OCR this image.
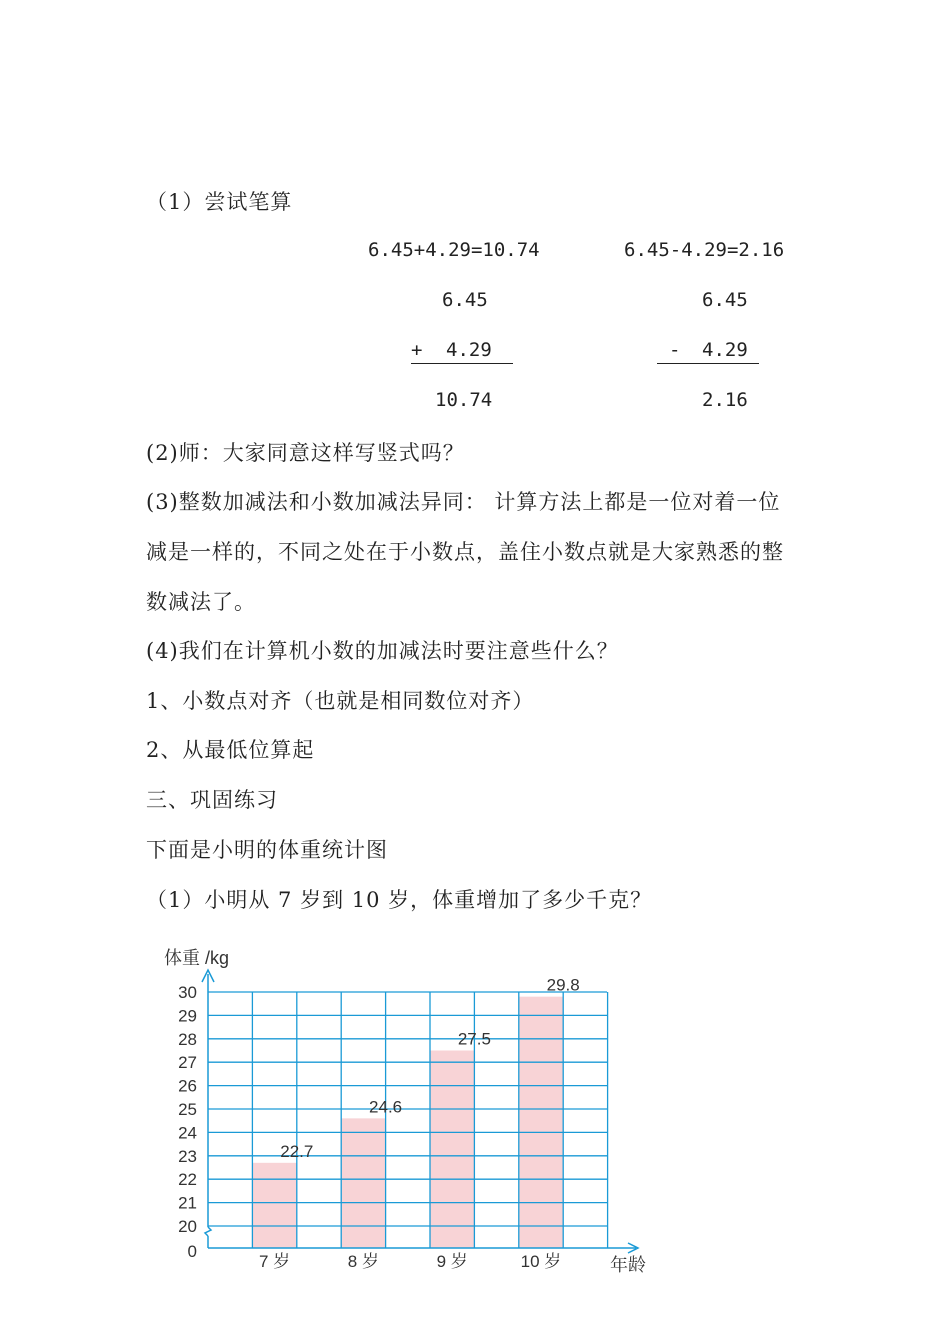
（1）尝试笔算
6.45+4.29=10.74	6.45-4.29=2.16
6.45	6.45
+ 4.29	- 4.29

10.74	2.16
(2)师：大家同意这样写竖式吗？
(3)整数加减法和小数加减法异同： 计算方法上都是一位对着一位
减是一样的，不同之处在于小数点，盖住小数点就是大家熟悉的整
数减法了。
(4)我们在计算机小数的加减法时要注意些什么？
1、小数点对齐（也就是相同数位对齐）
2、从最低位算起
三、巩固练习
下面是小明的体重统计图
（1）小明从 7 岁到 10 岁，体重增加了多少千克？
0
20
21
22
23
24
25
26
27
28
29
30
22.7
24.6
27.5
29.8
7 岁	8 岁	9 岁	10 岁
体重 /kg
年龄
